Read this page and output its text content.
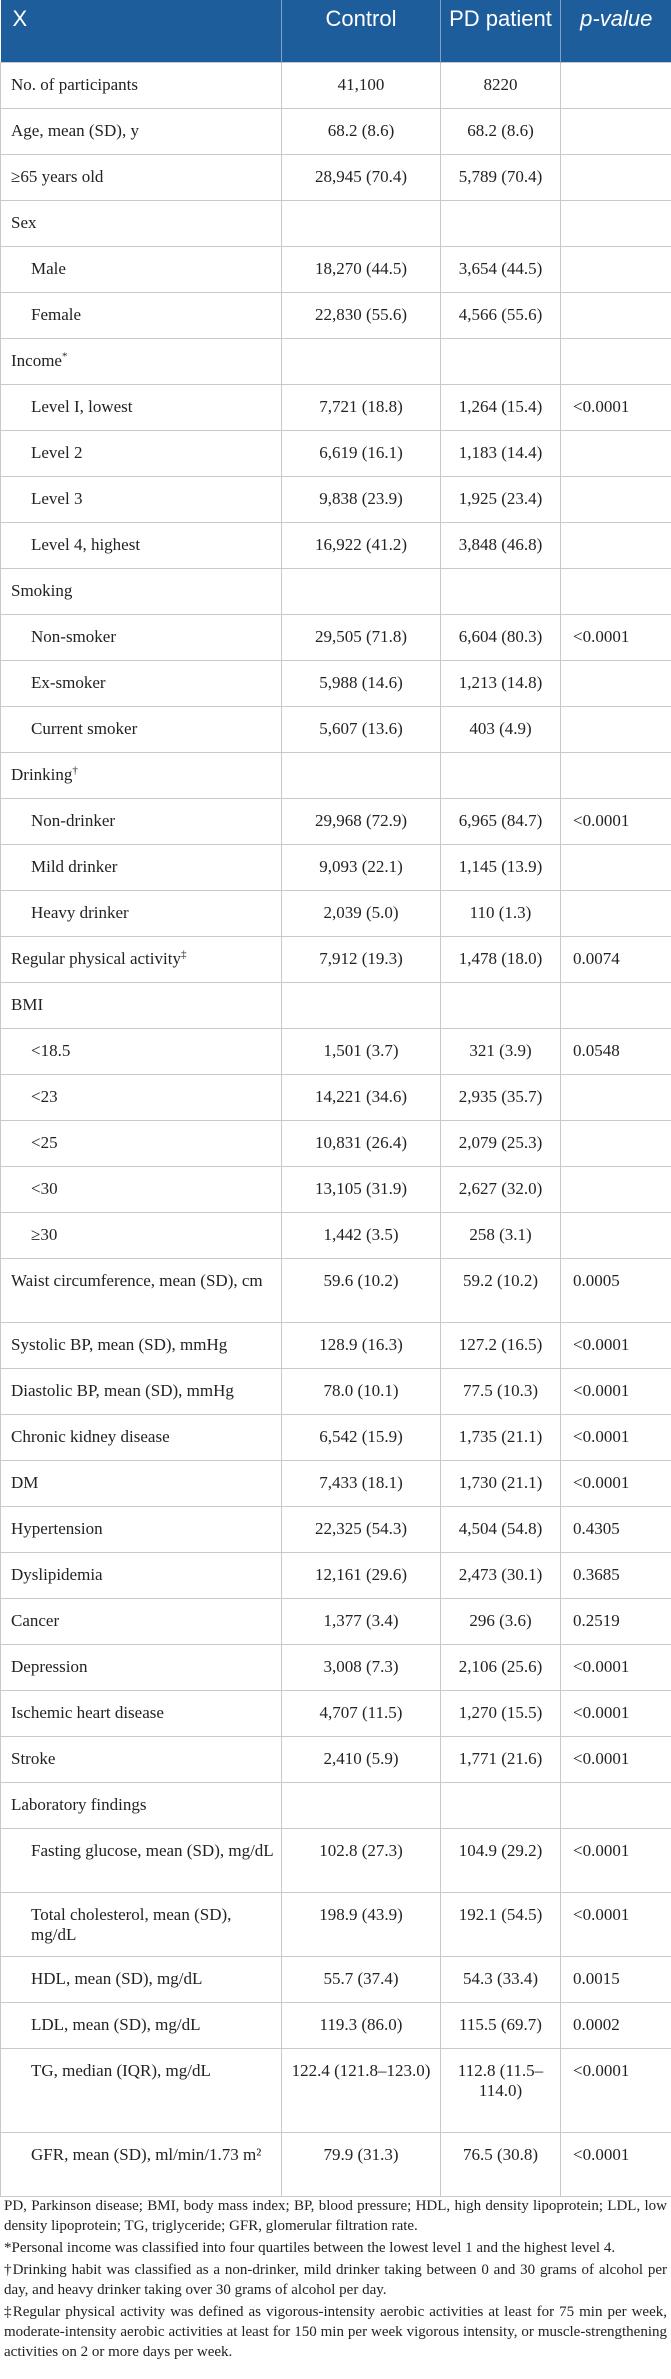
X	Control	PD patient	p-value
No. of participants	41,100	8220	
Age, mean (SD), y	68.2 (8.6)	68.2 (8.6)	
≥65 years old	28,945 (70.4)	5,789 (70.4)	
Sex			
Male	18,270 (44.5)	3,654 (44.5)	
Female	22,830 (55.6)	4,566 (55.6)	
Income*			
Level I, lowest	7,721 (18.8)	1,264 (15.4)	<0.0001
Level 2	6,619 (16.1)	1,183 (14.4)	
Level 3	9,838 (23.9)	1,925 (23.4)	
Level 4, highest	16,922 (41.2)	3,848 (46.8)	
Smoking			
Non-smoker	29,505 (71.8)	6,604 (80.3)	<0.0001
Ex-smoker	5,988 (14.6)	1,213 (14.8)	
Current smoker	5,607 (13.6)	403 (4.9)	
Drinking†			
Non-drinker	29,968 (72.9)	6,965 (84.7)	<0.0001
Mild drinker	9,093 (22.1)	1,145 (13.9)	
Heavy drinker	2,039 (5.0)	110 (1.3)	
Regular physical activity‡	7,912 (19.3)	1,478 (18.0)	0.0074
BMI			
<18.5	1,501 (3.7)	321 (3.9)	0.0548
<23	14,221 (34.6)	2,935 (35.7)	
<25	10,831 (26.4)	2,079 (25.3)	
<30	13,105 (31.9)	2,627 (32.0)	
≥30	1,442 (3.5)	258 (3.1)	
Waist circumference, mean (SD), cm	59.6 (10.2)	59.2 (10.2)	0.0005
Systolic BP, mean (SD), mmHg	128.9 (16.3)	127.2 (16.5)	<0.0001
Diastolic BP, mean (SD), mmHg	78.0 (10.1)	77.5 (10.3)	<0.0001
Chronic kidney disease	6,542 (15.9)	1,735 (21.1)	<0.0001
DM	7,433 (18.1)	1,730 (21.1)	<0.0001
Hypertension	22,325 (54.3)	4,504 (54.8)	0.4305
Dyslipidemia	12,161 (29.6)	2,473 (30.1)	0.3685
Cancer	1,377 (3.4)	296 (3.6)	0.2519
Depression	3,008 (7.3)	2,106 (25.6)	<0.0001
Ischemic heart disease	4,707 (11.5)	1,270 (15.5)	<0.0001
Stroke	2,410 (5.9)	1,771 (21.6)	<0.0001
Laboratory findings			
Fasting glucose, mean (SD), mg/dL	102.8 (27.3)	104.9 (29.2)	<0.0001
Total cholesterol, mean (SD), mg/dL	198.9 (43.9)	192.1 (54.5)	<0.0001
HDL, mean (SD), mg/dL	55.7 (37.4)	54.3 (33.4)	0.0015
LDL, mean (SD), mg/dL	119.3 (86.0)	115.5 (69.7)	0.0002
TG, median (IQR), mg/dL	122.4 (121.8–123.0)	112.8 (11.5–114.0)	<0.0001
GFR, mean (SD), ml/min/1.73 m²	79.9 (31.3)	76.5 (30.8)	<0.0001

PD, Parkinson disease; BMI, body mass index; BP, blood pressure; HDL, high density lipoprotein; LDL, low density lipoprotein; TG, triglyceride; GFR, glomerular filtration rate.

*Personal income was classified into four quartiles between the lowest level 1 and the highest level 4.

†Drinking habit was classified as a non-drinker, mild drinker taking between 0 and 30 grams of alcohol per day, and heavy drinker taking over 30 grams of alcohol per day.

‡Regular physical activity was defined as vigorous-intensity aerobic activities at least for 75 min per week, moderate-intensity aerobic activities at least for 150 min per week vigorous intensity, or muscle-strengthening activities on 2 or more days per week.
